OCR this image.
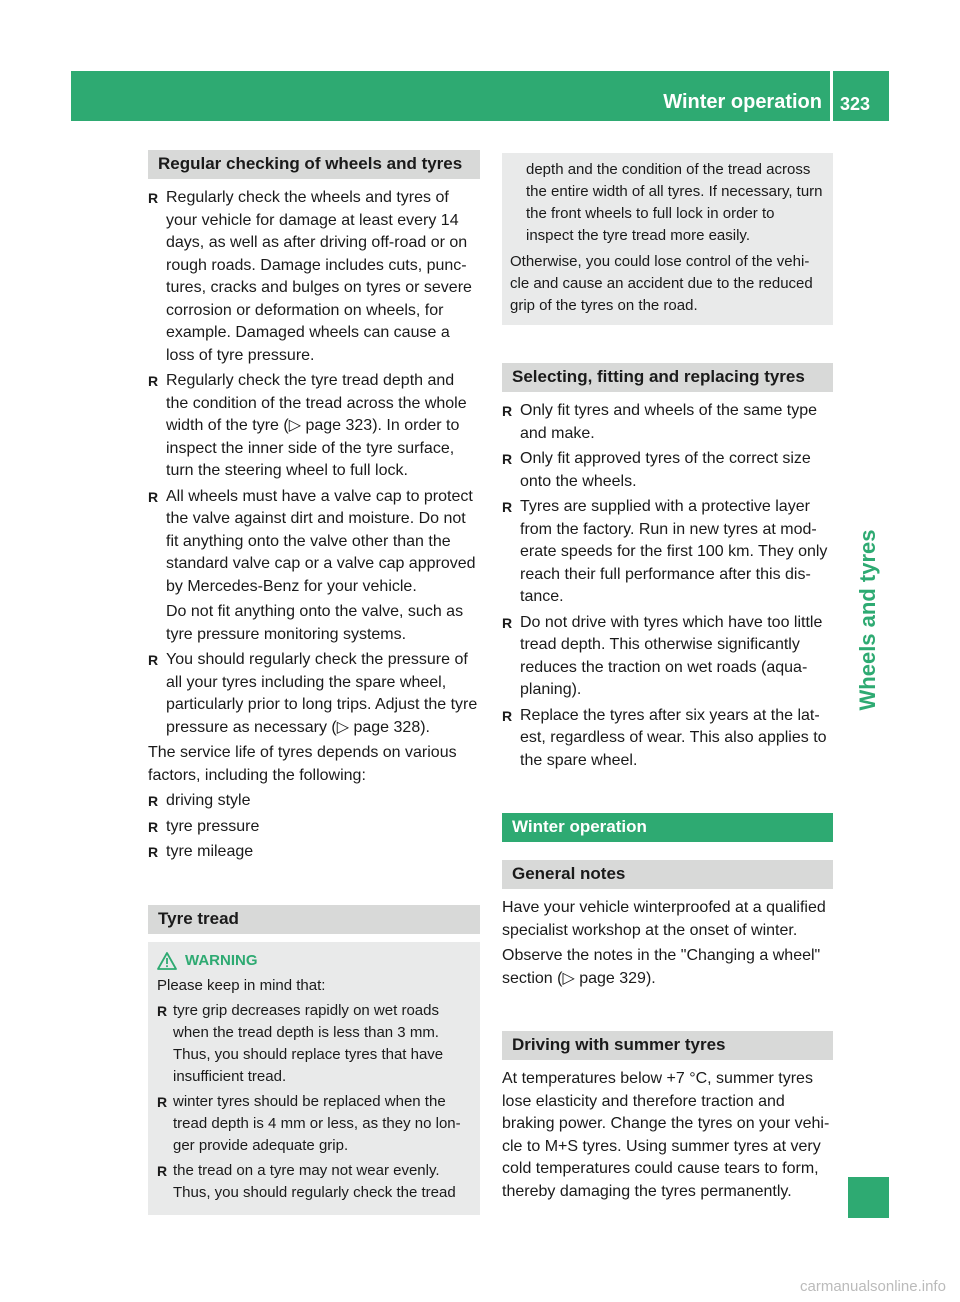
Winter operation 323
Wheels and tyres
Regular checking of wheels and tyres
R Regularly check the wheels and tyres of your vehicle for damage at least every 14 days, as well as after driving off-road or on rough roads. Damage includes cuts, punc-tures, cracks and bulges on tyres or severe corrosion or deformation on wheels, for example. Damaged wheels can cause a loss of tyre pressure.
R Regularly check the tyre tread depth and the condition of the tread across the whole width of the tyre (▷ page 323). In order to inspect the inner side of the tyre surface, turn the steering wheel to full lock.
R All wheels must have a valve cap to protect the valve against dirt and moisture. Do not fit anything onto the valve other than the standard valve cap or a valve cap approved by Mercedes-Benz for your vehicle.
Do not fit anything onto the valve, such as tyre pressure monitoring systems.
R You should regularly check the pressure of all your tyres including the spare wheel, particularly prior to long trips. Adjust the tyre pressure as necessary (▷ page 328).
The service life of tyres depends on various factors, including the following:
R driving style
R tyre pressure
R tyre mileage
Tyre tread
WARNING
Please keep in mind that:
R tyre grip decreases rapidly on wet roads when the tread depth is less than 3 mm. Thus, you should replace tyres that have insufficient tread.
R winter tyres should be replaced when the tread depth is 4 mm or less, as they no lon-ger provide adequate grip.
R the tread on a tyre may not wear evenly. Thus, you should regularly check the tread
depth and the condition of the tread across the entire width of all tyres. If necessary, turn the front wheels to full lock in order to inspect the tyre tread more easily.
Otherwise, you could lose control of the vehi-cle and cause an accident due to the reduced grip of the tyres on the road.
Selecting, fitting and replacing tyres
R Only fit tyres and wheels of the same type and make.
R Only fit approved tyres of the correct size onto the wheels.
R Tyres are supplied with a protective layer from the factory. Run in new tyres at mod-erate speeds for the first 100 km. They only reach their full performance after this dis-tance.
R Do not drive with tyres which have too little tread depth. This otherwise significantly reduces the traction on wet roads (aqua-planing).
R Replace the tyres after six years at the lat-est, regardless of wear. This also applies to the spare wheel.
Winter operation
General notes
Have your vehicle winterproofed at a qualified specialist workshop at the onset of winter.
Observe the notes in the "Changing a wheel" section (▷ page 329).
Driving with summer tyres
At temperatures below +7 °C, summer tyres lose elasticity and therefore traction and braking power. Change the tyres on your vehi-cle to M+S tyres. Using summer tyres at very cold temperatures could cause tears to form, thereby damaging the tyres permanently.
carmanualsonline.info
